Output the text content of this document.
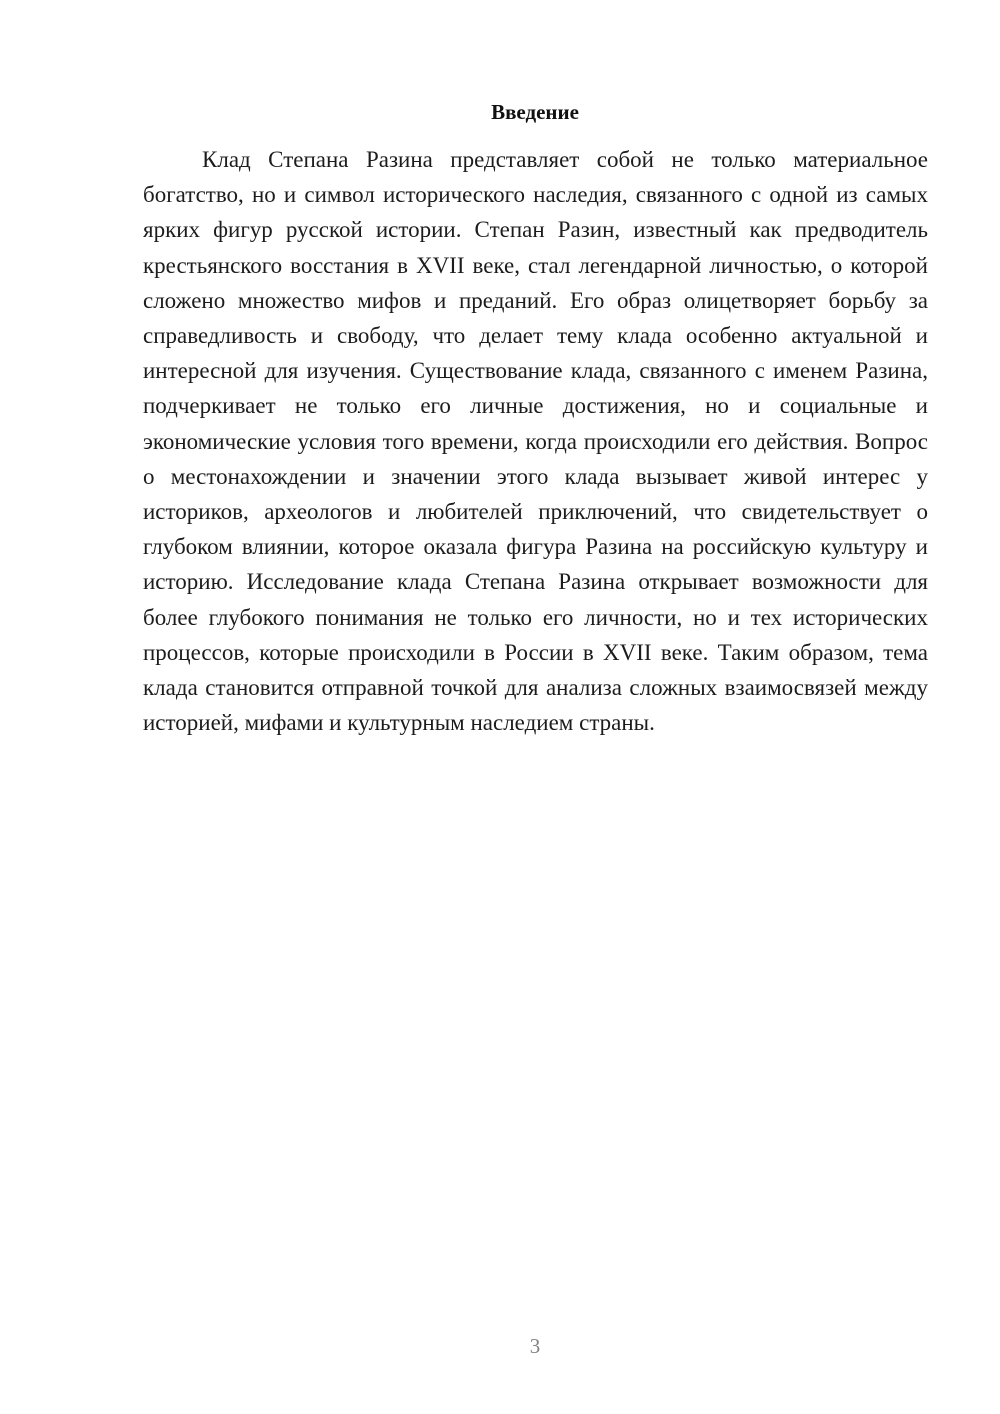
Введение

Клад Степана Разина представляет собой не только материальное богатство, но и символ исторического наследия, связанного с одной из самых ярких фигур русской истории. Степан Разин, известный как предводитель крестьянского восстания в XVII веке, стал легендарной личностью, о которой сложено множество мифов и преданий. Его образ олицетворяет борьбу за справедливость и свободу, что делает тему клада особенно актуальной и интересной для изучения. Существование клада, связанного с именем Разина, подчеркивает не только его личные достижения, но и социальные и экономические условия того времени, когда происходили его действия. Вопрос о местонахождении и значении этого клада вызывает живой интерес у историков, археологов и любителей приключений, что свидетельствует о глубоком влиянии, которое оказала фигура Разина на российскую культуру и историю. Исследование клада Степана Разина открывает возможности для более глубокого понимания не только его личности, но и тех исторических процессов, которые происходили в России в XVII веке. Таким образом, тема клада становится отправной точкой для анализа сложных взаимосвязей между историей, мифами и культурным наследием страны.

3
